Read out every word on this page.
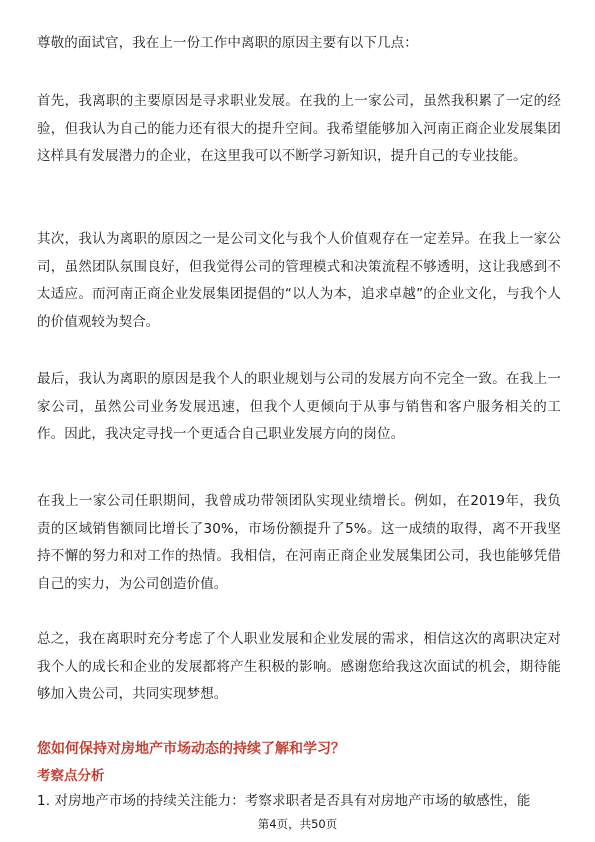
尊敬的面试官，我在上一份工作中离职的原因主要有以下几点：

首先，我离职的主要原因是寻求职业发展。在我的上一家公司，虽然我积累了一定的经验，但我认为自己的能力还有很大的提升空间。我希望能够加入河南正商企业发展集团这样具有发展潜力的企业，在这里我可以不断学习新知识，提升自己的专业技能。

其次，我认为离职的原因之一是公司文化与我个人价值观存在一定差异。在我上一家公司，虽然团队氛围良好，但我觉得公司的管理模式和决策流程不够透明，这让我感到不太适应。而河南正商企业发展集团提倡的“以人为本，追求卓越”的企业文化，与我个人的价值观较为契合。

最后，我认为离职的原因是我个人的职业规划与公司的发展方向不完全一致。在我上一家公司，虽然公司业务发展迅速，但我个人更倾向于从事与销售和客户服务相关的工作。因此，我决定寻找一个更适合自己职业发展方向的岗位。

在我上一家公司任职期间，我曾成功带领团队实现业绩增长。例如，在2019年，我负责的区域销售额同比增长了30%，市场份额提升了5%。这一成绩的取得，离不开我坚持不懈的努力和对工作的热情。我相信，在河南正商企业发展集团公司，我也能够凭借自己的实力，为公司创造价值。

总之，我在离职时充分考虑了个人职业发展和企业发展的需求，相信这次的离职决定对我个人的成长和企业的发展都将产生积极的影响。感谢您给我这次面试的机会，期待能够加入贵公司，共同实现梦想。

您如何保持对房地产市场动态的持续了解和学习？
考察点分析

1. 对房地产市场的持续关注能力：考察求职者是否具有对房地产市场的敏感性，能

第4页，共50页
